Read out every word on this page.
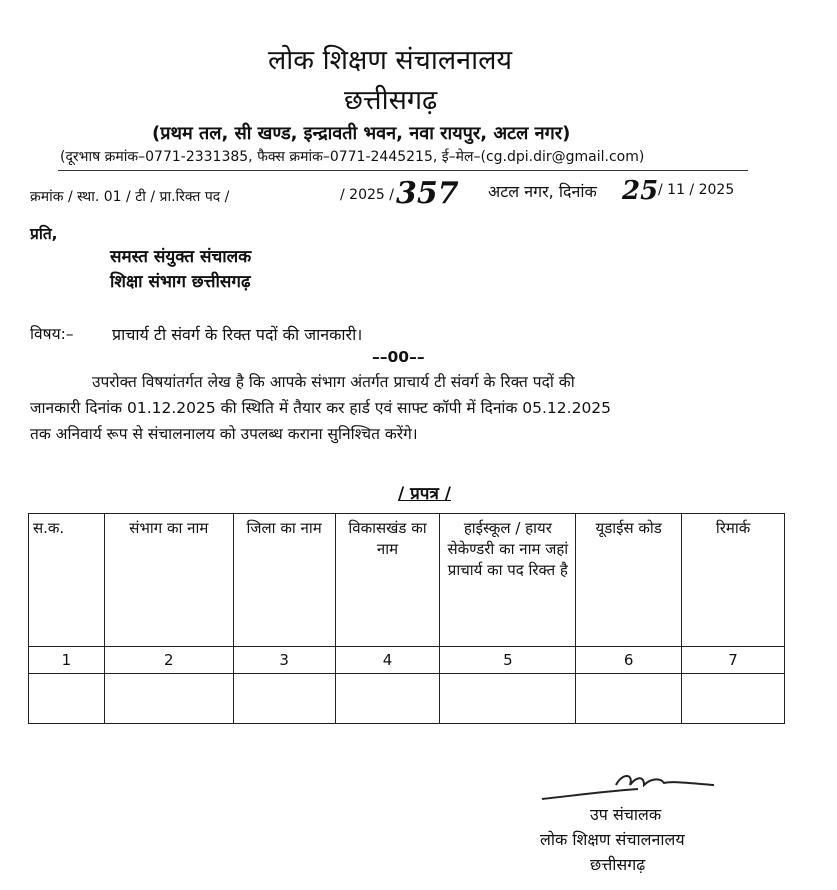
लोक शिक्षण संचालनालय
छत्तीसगढ़
(प्रथम तल, सी खण्ड, इन्द्रावती भवन, नवा रायपुर, अटल नगर)
(दूरभाष क्रमांक–0771-2331385, फैक्स क्रमांक–0771-2445215, ई–मेल–(cg.dpi.dir@gmail.com)
क्रमांक / स्था. 01 / टी / प्रा.रिक्त पद /	/ 2025 / 357 अटल नगर, दिनांक 25 / 11 / 2025
प्रति,
समस्त संयुक्त संचालक
शिक्षा संभाग छत्तीसगढ़
विषय:– प्राचार्य टी संवर्ग के रिक्त पदों की जानकारी।
––00––
उपरोक्त विषयांतर्गत लेख है कि आपके संभाग अंतर्गत प्राचार्य टी संवर्ग के रिक्त पदों की
जानकारी दिनांक 01.12.2025 की स्थिति में तैयार कर हार्ड एवं साफ्ट कॉपी में दिनांक 05.12.2025
तक अनिवार्य रूप से संचालनालय को उपलब्ध कराना सुनिश्चित करेंगे।
/ प्रपत्र /
स.क.	संभाग का नाम	जिला का नाम	विकासखंड का नाम	हाईस्कूल / हायर सेकेण्डरी का नाम जहां प्राचार्य का पद रिक्त है	यूडाईस कोड	रिमार्क
1	2	3	4	5	6	7

उप संचालक
लोक शिक्षण संचालनालय
छत्तीसगढ़
